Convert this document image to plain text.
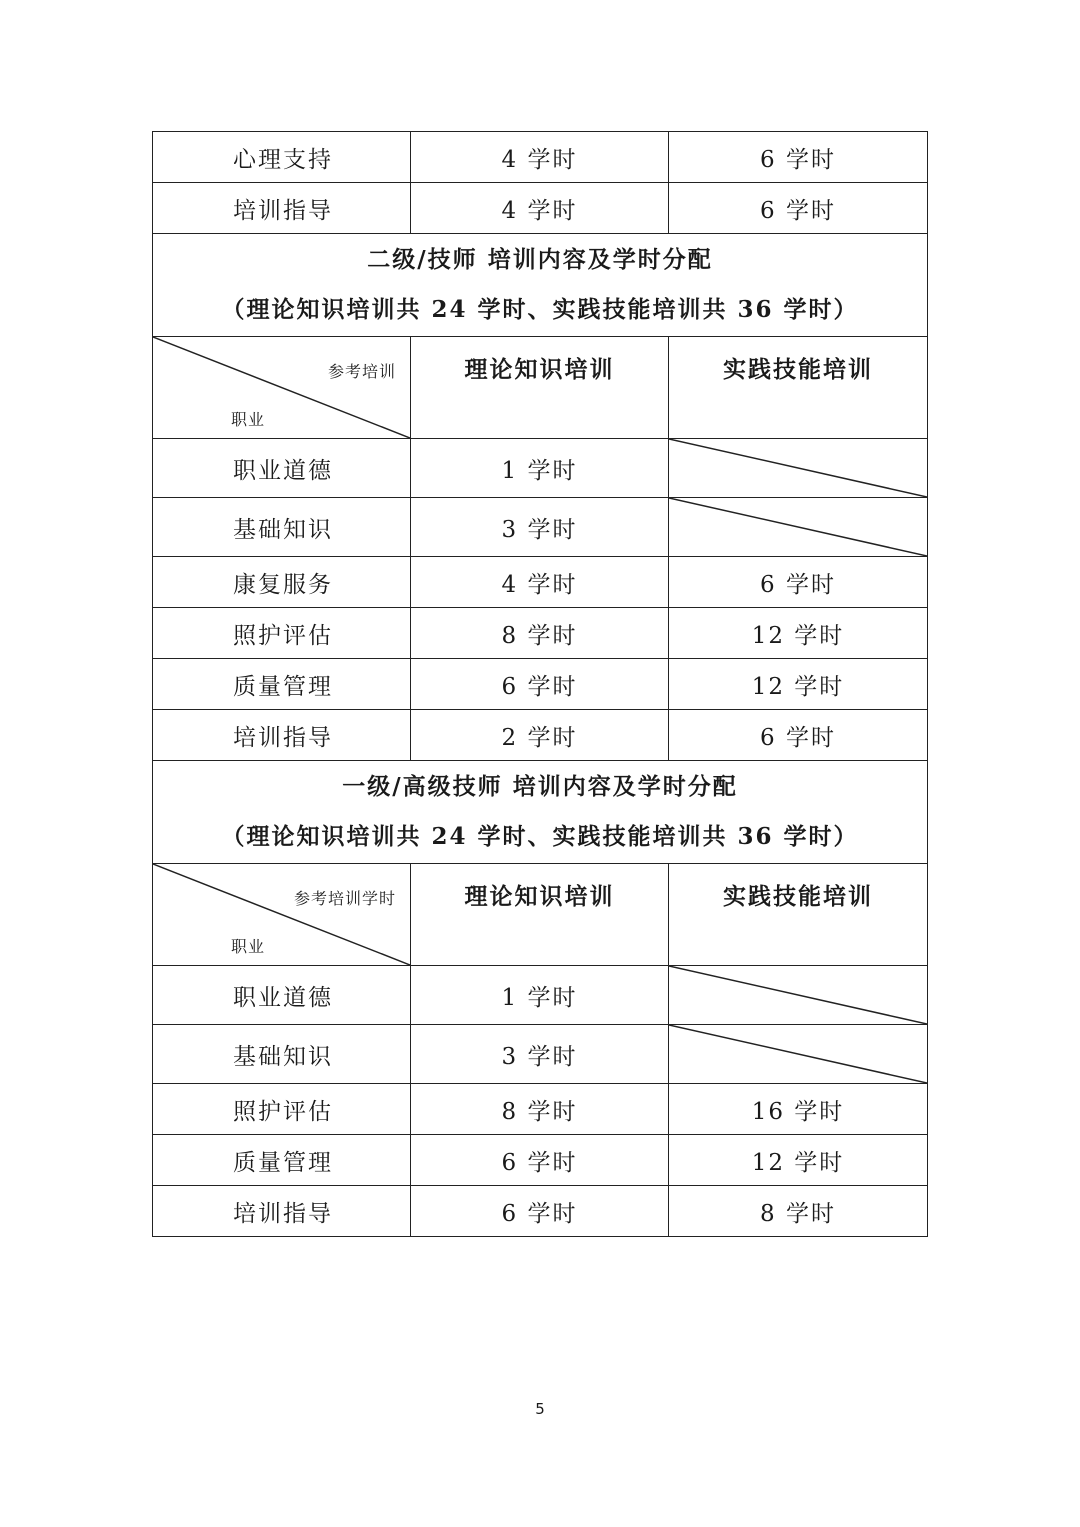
心理支持	4 学时	6 学时
培训指导	4 学时	6 学时

二级/技师 培训内容及学时分配
（理论知识培训共 24 学时、实践技能培训共 36 学时）		

参考培训
职业	理论知识培训	实践技能培训

职业道德	1 学时	

基础知识	3 学时	

康复服务	4 学时	6 学时
照护评估	8 学时	12 学时
质量管理	6 学时	12 学时
培训指导	2 学时	6 学时

一级/高级技师 培训内容及学时分配
（理论知识培训共 24 学时、实践技能培训共 36 学时）		

参考培训学时
职业	理论知识培训	实践技能培训

职业道德	1 学时	

基础知识	3 学时	

照护评估	8 学时	16 学时
质量管理	6 学时	12 学时
培训指导	6 学时	8 学时
5
